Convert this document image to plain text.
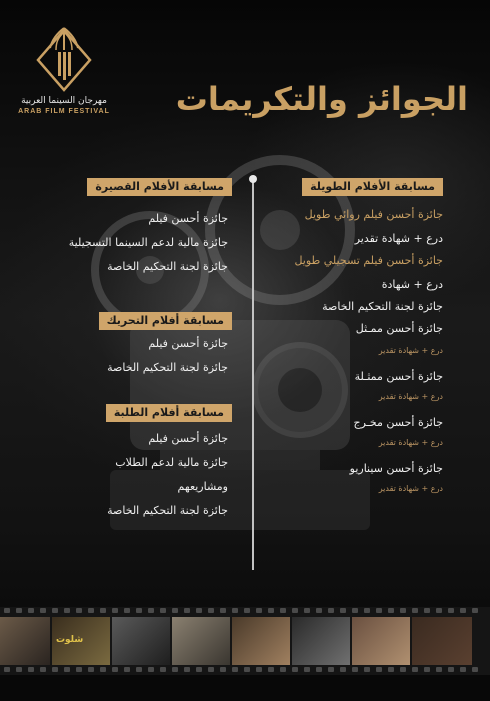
مهرجان السينما العربية
ARAB FILM FESTIVAL الجوائز والتكريمات
مسابقة الأفلام الطويلة
جائزة أحسن فيلم روائي طويل
درع + شهادة تقدير
جائزة أحسن فيلم تسجيلي طويل
درع + شهادة
جائزة لجنة التحكيم الخاصة
جائزة أحسن ممـثل
درع + شهادة تقدير
جائزة أحسن ممثـلة
درع + شهادة تقدير
جائزة أحسن مخـرج
درع + شهادة تقدير
جائزة أحسن سيناريو
درع + شهادة تقدير
مسابقة الأفلام القصيرة
جائزة أحسن فيلم
جائزة مالية لدعم السينما التسجيلية
جائزة لجنة التحكيم الخاصة
مسابقة أفلام التحريك
جائزة أحسن فيلم
جائزة لجنة التحكيم الخاصة
مسابقة أفلام الطلبة
جائزة أحسن فيلم
جائزة مالية لدعم الطلاب
ومشاريعهم
جائزة لجنة التحكيم الخاصة
شلوت
